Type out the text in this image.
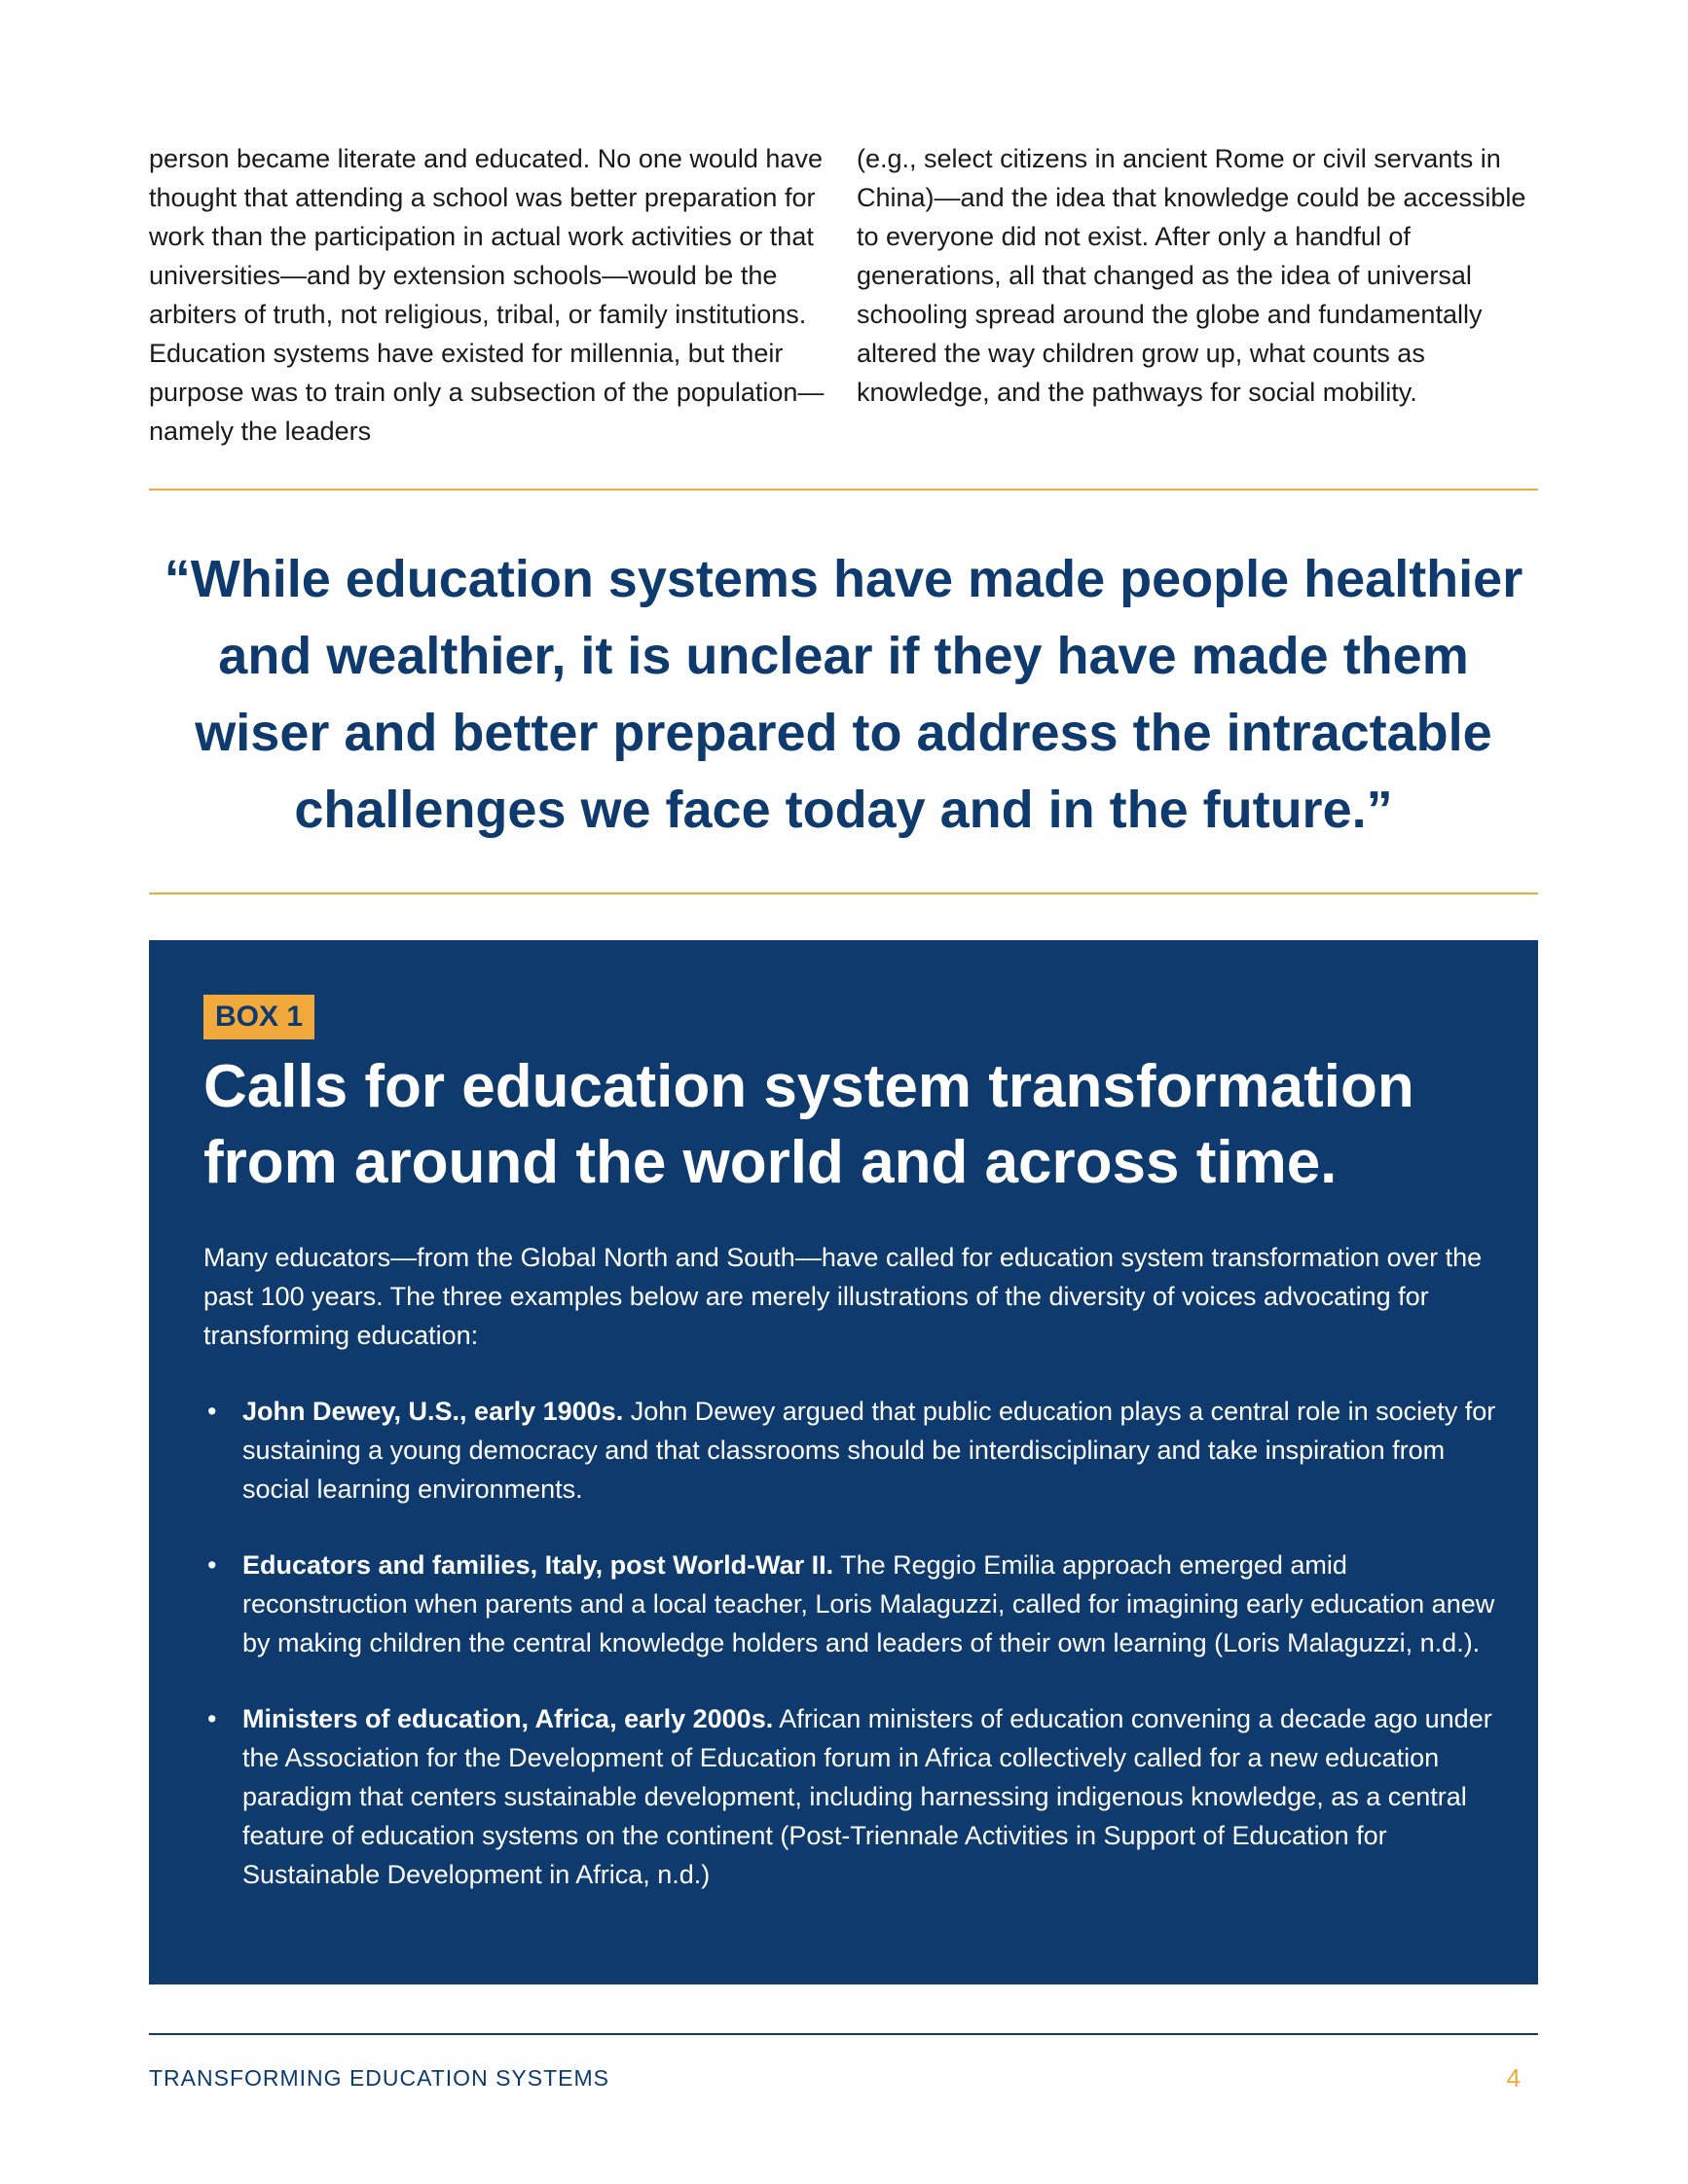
person became literate and educated. No one would have thought that attending a school was better preparation for work than the participation in actual work activities or that universities—and by extension schools—would be the arbiters of truth, not religious, tribal, or family institutions. Education systems have existed for millennia, but their purpose was to train only a subsection of the population—namely the leaders
(e.g., select citizens in ancient Rome or civil servants in China)—and the idea that knowledge could be accessible to everyone did not exist. After only a handful of generations, all that changed as the idea of universal schooling spread around the globe and fundamentally altered the way children grow up, what counts as knowledge, and the pathways for social mobility.
“While education systems have made people healthier
and wealthier, it is unclear if they have made them
wiser and better prepared to address the intractable
challenges we face today and in the future.”
BOX 1
Calls for education system transformation
from around the world and across time.
Many educators—from the Global North and South—have called for education system transformation over the past 100 years. The three examples below are merely illustrations of the diversity of voices advocating for transforming education:
• John Dewey, U.S., early 1900s. John Dewey argued that public education plays a central role in society for sustaining a young democracy and that classrooms should be interdisciplinary and take inspiration from social learning environments.
• Educators and families, Italy, post World-War II. The Reggio Emilia approach emerged amid reconstruction when parents and a local teacher, Loris Malaguzzi, called for imagining early education anew by making children the central knowledge holders and leaders of their own learning (Loris Malaguzzi, n.d.).
• Ministers of education, Africa, early 2000s. African ministers of education convening a decade ago under the Association for the Development of Education forum in Africa collectively called for a new education paradigm that centers sustainable development, including harnessing indigenous knowledge, as a central feature of education systems on the continent (Post-Triennale Activities in Support of Education for Sustainable Development in Africa, n.d.)
TRANSFORMING EDUCATION SYSTEMS	4
